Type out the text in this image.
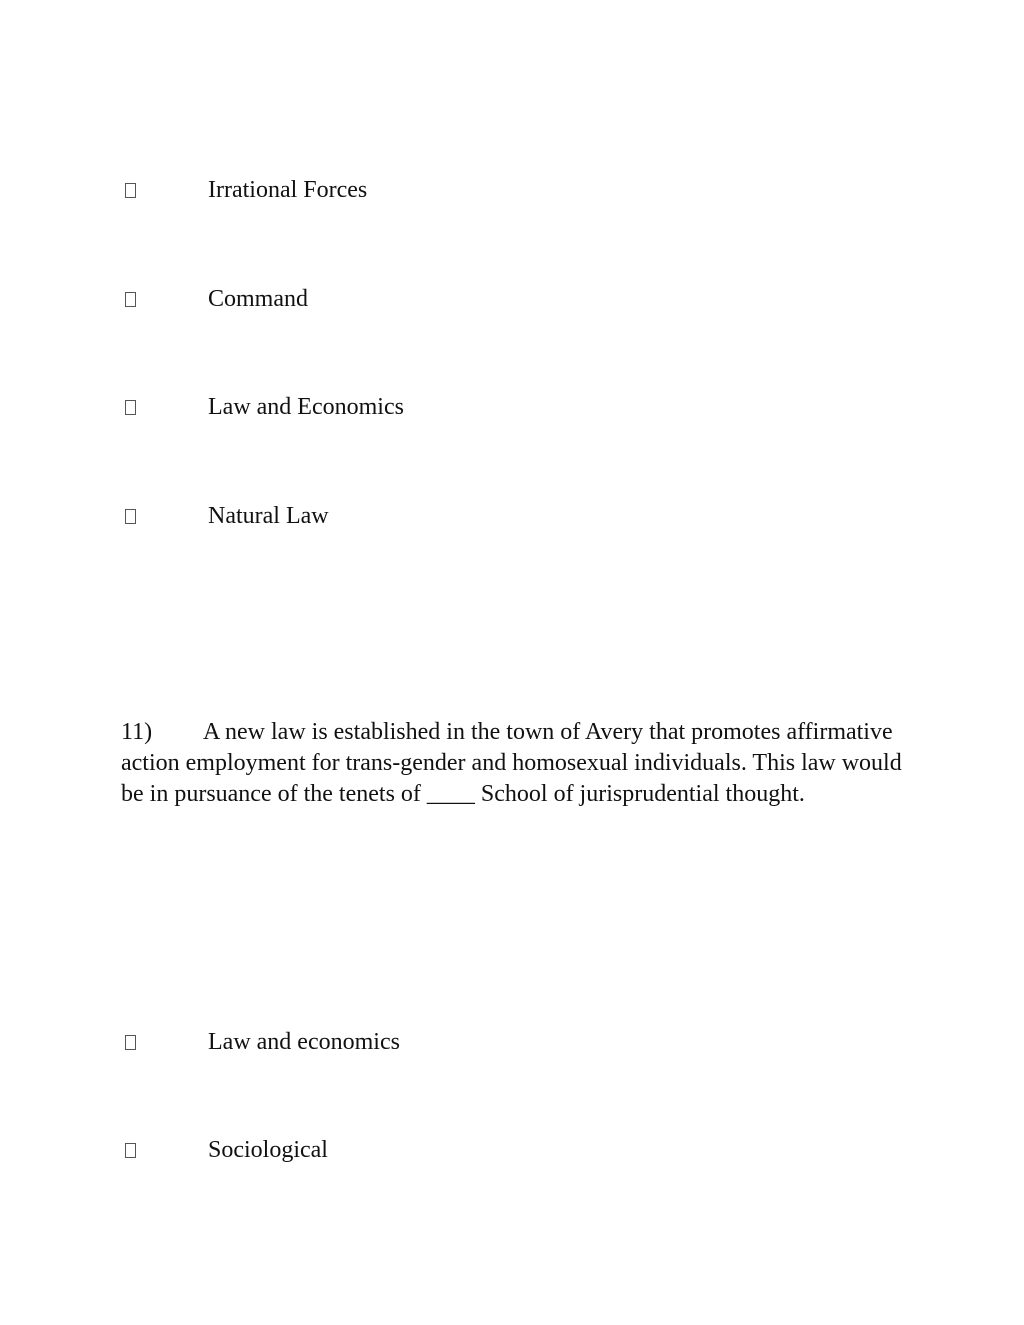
Irrational Forces
Command
Law and Economics
Natural Law
11) A new law is established in the town of Avery that promotes affirmative action employment for trans-gender and homosexual individuals. This law would be in pursuance of the tenets of ____ School of jurisprudential thought.
Law and economics
Sociological
